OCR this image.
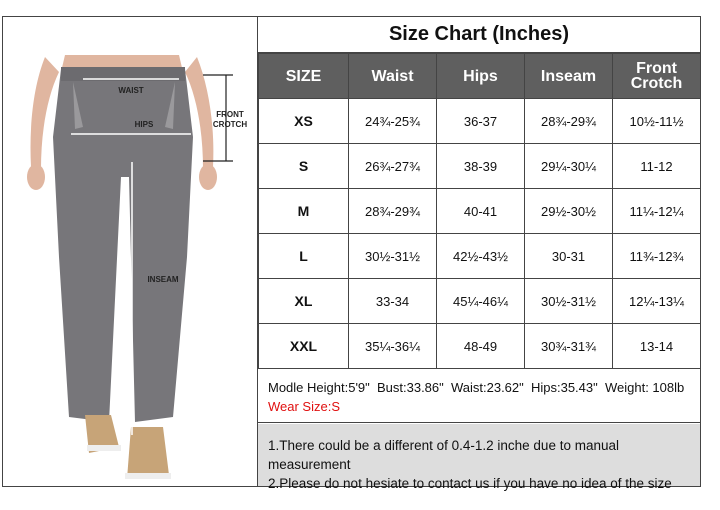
WAIST
HIPS
FRONT
CROTCH
INSEAM
Size Chart (Inches)
SIZE	Waist	Hips	Inseam	Front
Crotch
XS	24¾-25¾	36-37	28¾-29¾	10½-11½
S	26¾-27¾	38-39	29¼-30¼	11-12
M	28¾-29¾	40-41	29½-30½	11¼-12¼
L	30½-31½	42½-43½	30-31	11¾-12¾
XL	33-34	45¼-46¼	30½-31½	12¼-13¼
XXL	35¼-36¼	48-49	30¾-31¾	13-14
Modle Height:5'9"  Bust:33.86"  Waist:23.62"  Hips:35.43"  Weight: 108lb
Wear Size:S
1.There could be a different of 0.4-1.2 inche due to manual measurement
2.Please do not hesiate to contact us if you have no idea of the size
